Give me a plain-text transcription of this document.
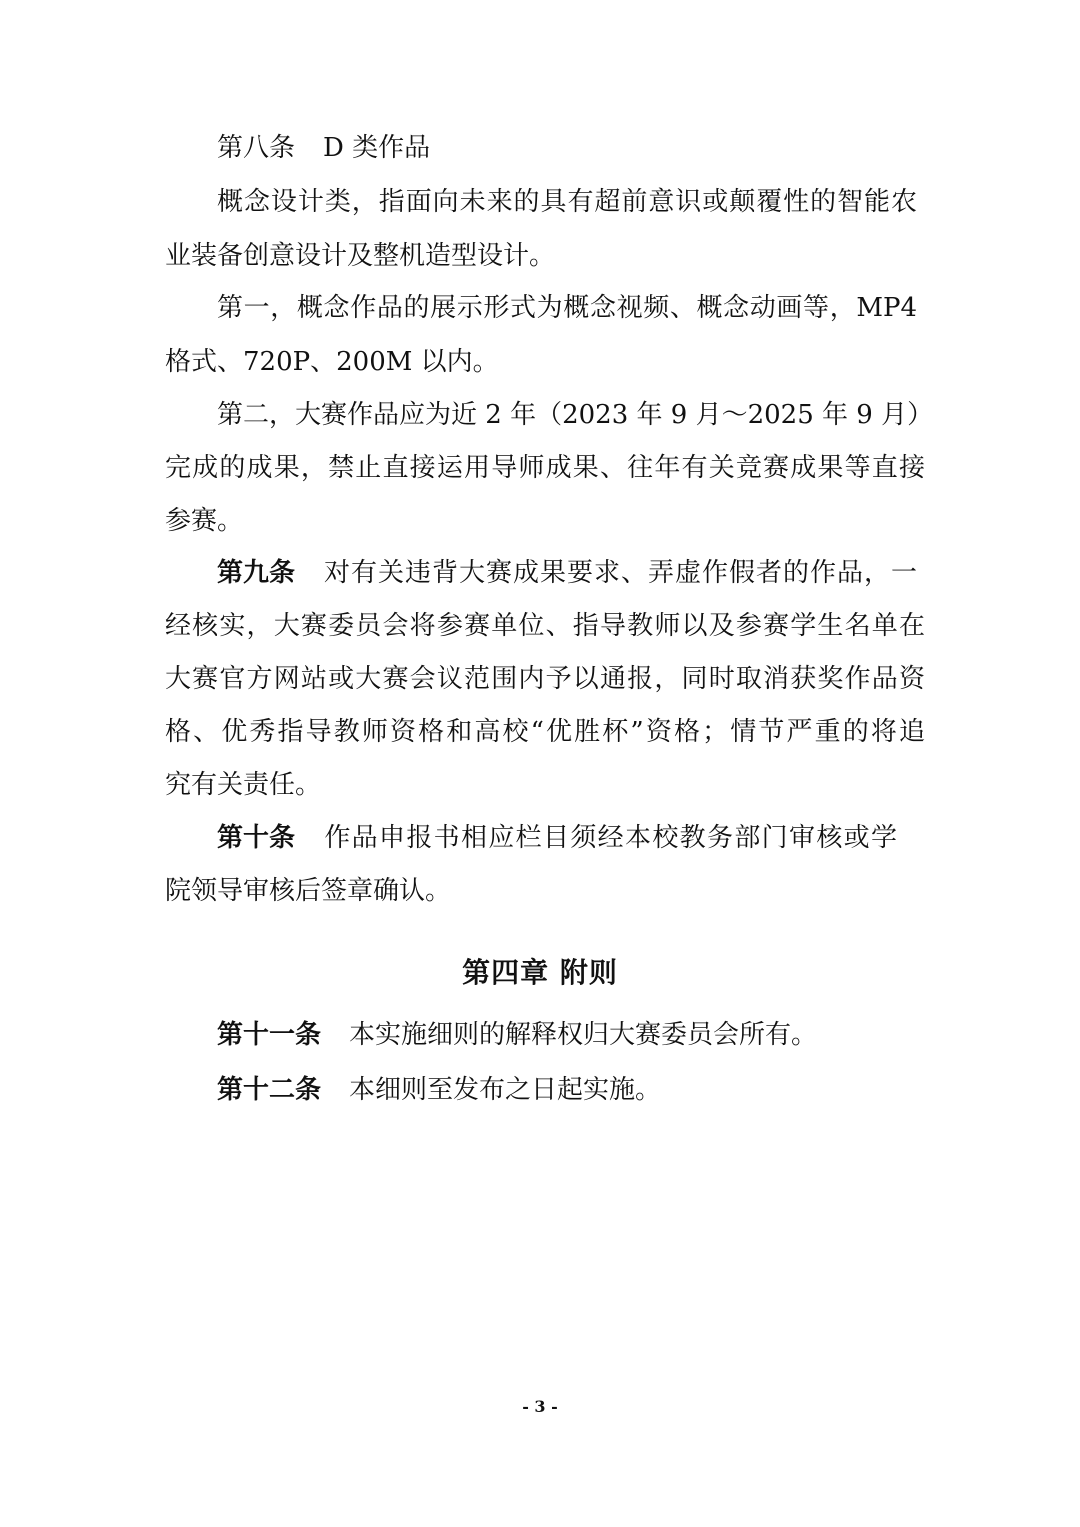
第八条 D 类作品
概念设计类，指面向未来的具有超前意识或颠覆性的智能农
业装备创意设计及整机造型设计。
第一，概念作品的展示形式为概念视频、概念动画等，MP4
格式、720P、200M 以内。
第二，大赛作品应为近 2 年（2023 年 9 月～2025 年 9 月）
完成的成果，禁止直接运用导师成果、往年有关竞赛成果等直接
参赛。
第九条 对有关违背大赛成果要求、弄虚作假者的作品，一
经核实，大赛委员会将参赛单位、指导教师以及参赛学生名单在
大赛官方网站或大赛会议范围内予以通报，同时取消获奖作品资
格、优秀指导教师资格和高校“优胜杯”资格；情节严重的将追
究有关责任。
第十条 作品申报书相应栏目须经本校教务部门审核或学
院领导审核后签章确认。
第四章 附则
第十一条 本实施细则的解释权归大赛委员会所有。
第十二条 本细则至发布之日起实施。
- 3 -
